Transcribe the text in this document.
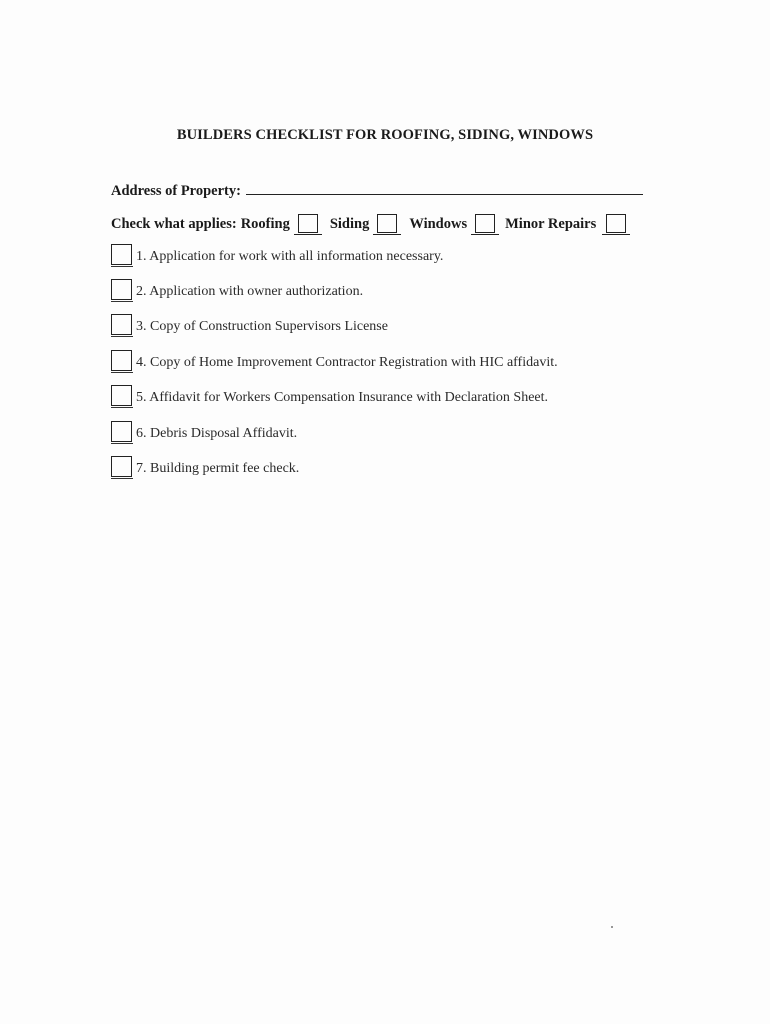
BUILDERS CHECKLIST FOR ROOFING, SIDING, WINDOWS
Address of Property:
Check what applies: Roofing	Siding	Windows	Minor Repairs
1. Application for work with all information necessary.
2. Application with owner authorization.
3. Copy of Construction Supervisors License
4. Copy of Home Improvement Contractor Registration with HIC affidavit.
5. Affidavit for Workers Compensation Insurance with Declaration Sheet.
6. Debris Disposal Affidavit.
7. Building permit fee check.
